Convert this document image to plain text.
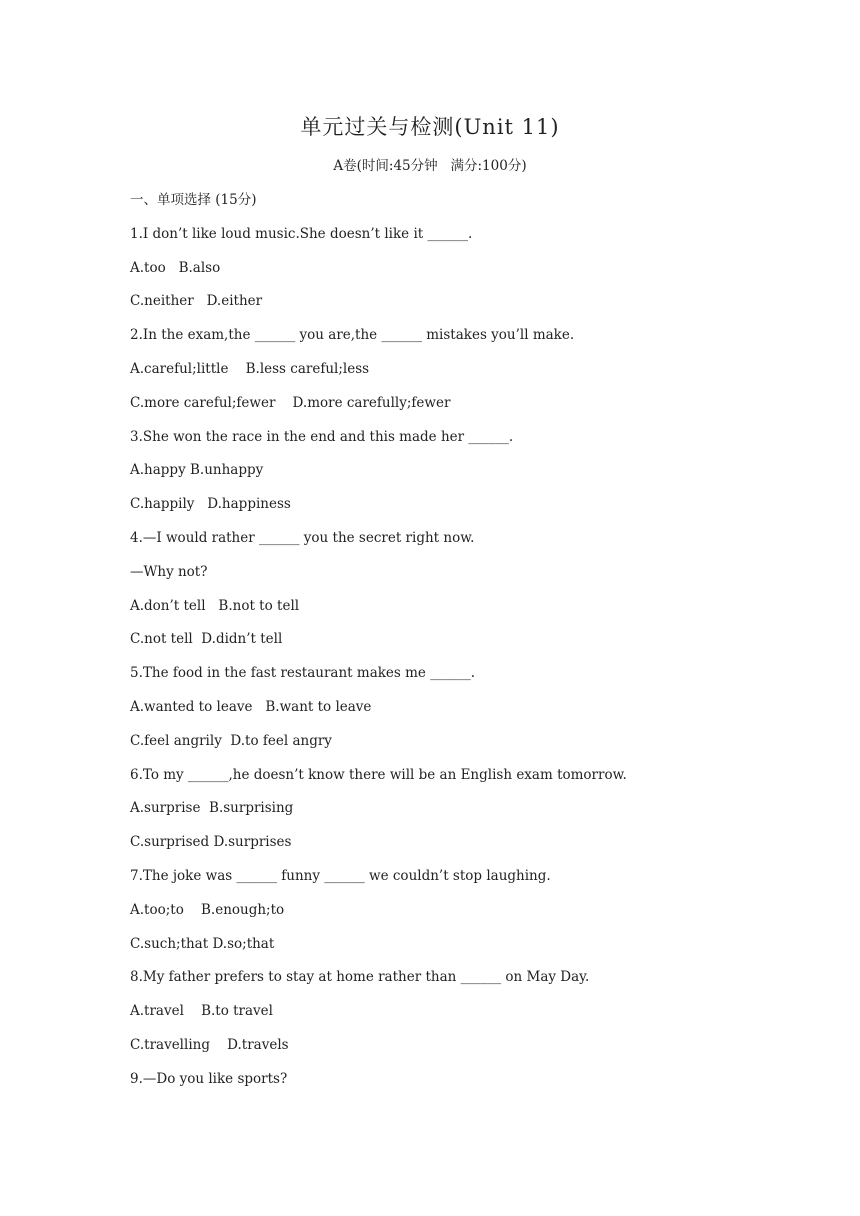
单元过关与检测(Unit 11)
A卷(时间:45分钟   满分:100分)
一、单项选择 (15分)
1.I don’t like loud music.She doesn’t like it ______.
A.too   B.also
C.neither   D.either
2.In the exam,the ______ you are,the ______ mistakes you’ll make.
A.careful;little    B.less careful;less
C.more careful;fewer    D.more carefully;fewer
3.She won the race in the end and this made her ______.
A.happy B.unhappy
C.happily   D.happiness
4.—I would rather ______ you the secret right now.
—Why not?
A.don’t tell   B.not to tell
C.not tell  D.didn’t tell
5.The food in the fast restaurant makes me ______.
A.wanted to leave   B.want to leave
C.feel angrily  D.to feel angry
6.To my ______,he doesn’t know there will be an English exam tomorrow.
A.surprise  B.surprising
C.surprised D.surprises
7.The joke was ______ funny ______ we couldn’t stop laughing.
A.too;to    B.enough;to
C.such;that D.so;that
8.My father prefers to stay at home rather than ______ on May Day.
A.travel    B.to travel
C.travelling    D.travels
9.—Do you like sports?
